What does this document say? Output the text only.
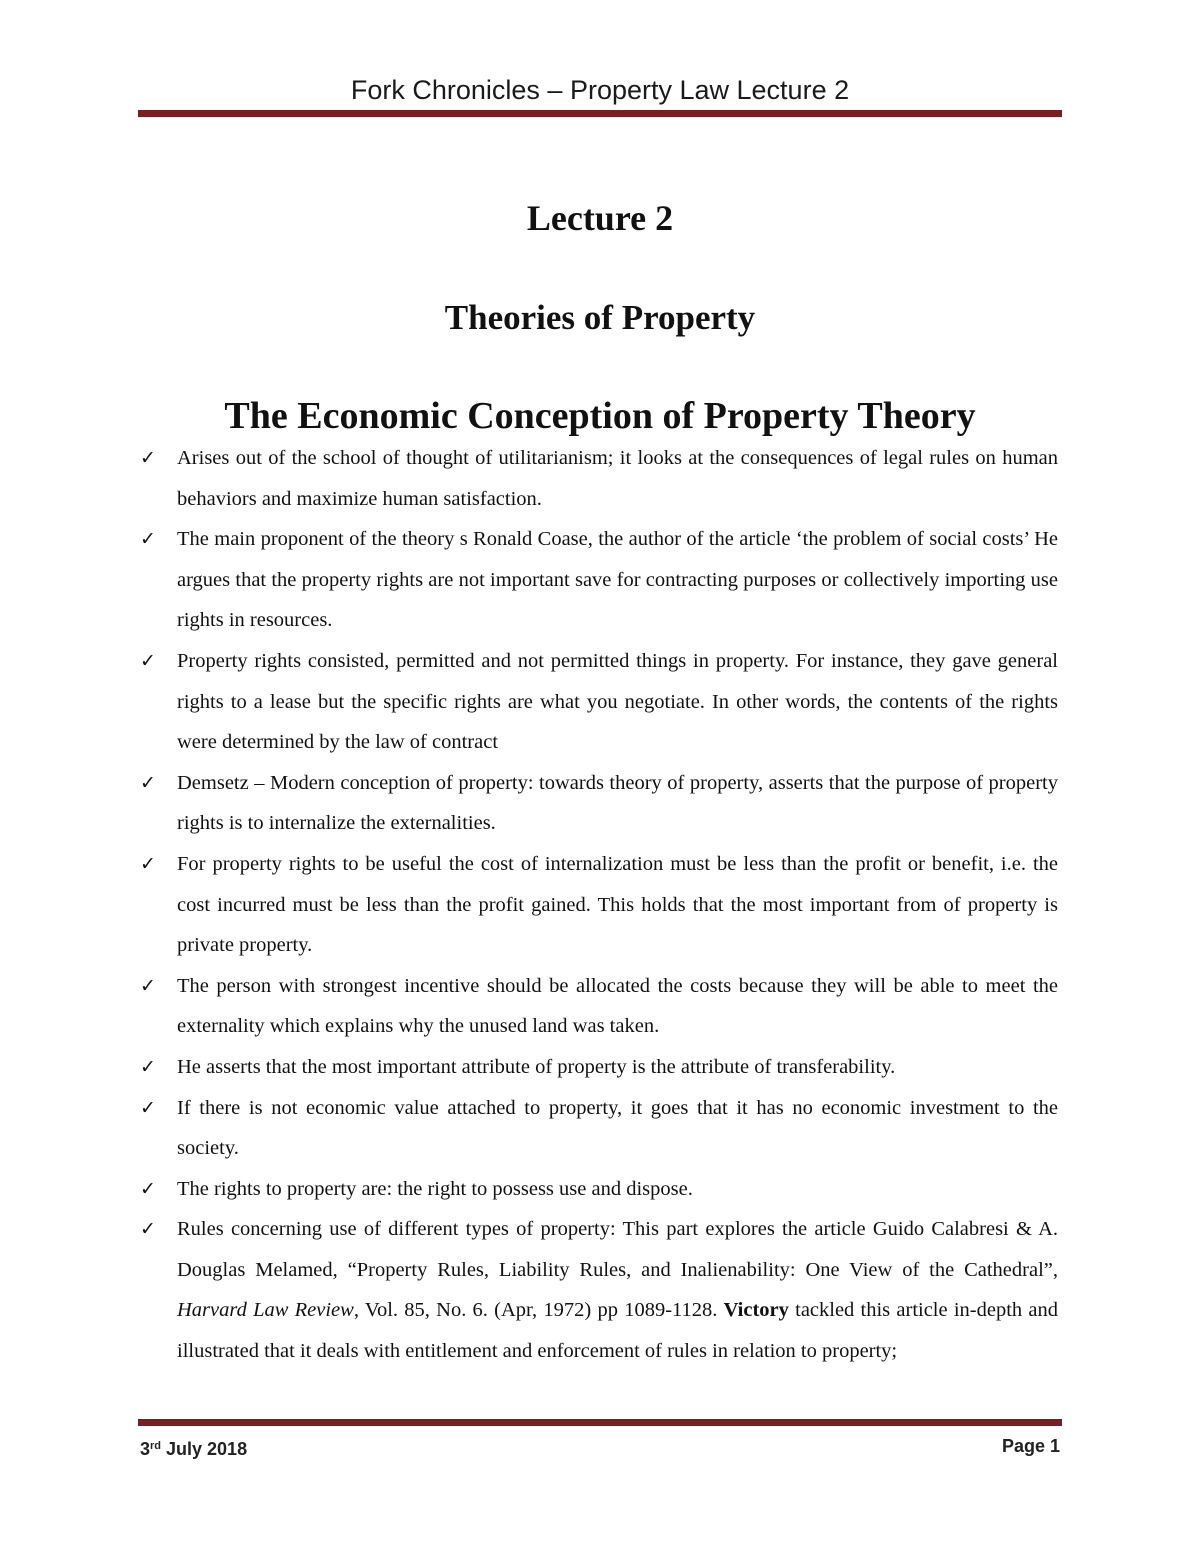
Fork Chronicles – Property Law Lecture 2
Lecture 2
Theories of Property
The Economic Conception of Property Theory
✓	Arises out of the school of thought of utilitarianism; it looks at the consequences of legal rules on human behaviors and maximize human satisfaction.
✓	The main proponent of the theory s Ronald Coase, the author of the article ‘the problem of social costs’ He argues that the property rights are not important save for contracting purposes or collectively importing use rights in resources.
✓	Property rights consisted, permitted and not permitted things in property. For instance, they gave general rights to a lease but the specific rights are what you negotiate. In other words, the contents of the rights were determined by the law of contract
✓	Demsetz – Modern conception of property: towards theory of property, asserts that the purpose of property rights is to internalize the externalities.
✓	For property rights to be useful the cost of internalization must be less than the profit or benefit, i.e. the cost incurred must be less than the profit gained. This holds that the most important from of property is private property.
✓	The person with strongest incentive should be allocated the costs because they will be able to meet the externality which explains why the unused land was taken.
✓	He asserts that the most important attribute of property is the attribute of transferability.
✓	If there is not economic value attached to property, it goes that it has no economic investment to the society.
✓	The rights to property are: the right to possess use and dispose.
✓	Rules concerning use of different types of property: This part explores the article Guido Calabresi & A. Douglas Melamed, “Property Rules, Liability Rules, and Inalienability: One View of the Cathedral”, Harvard Law Review, Vol. 85, No. 6. (Apr, 1972) pp 1089-1128. Victory tackled this article in-depth and illustrated that it deals with entitlement and enforcement of rules in relation to property;
3rd July 2018	Page 1
